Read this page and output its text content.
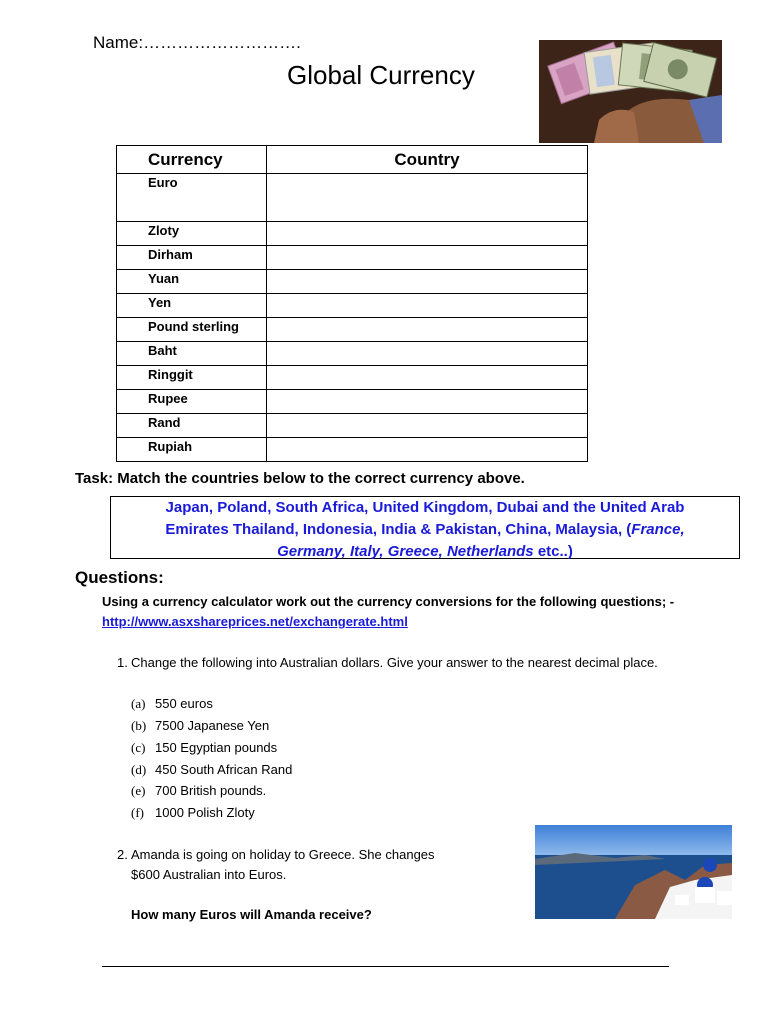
Name:……………………….
Global Currency
Currency	Country
Euro	
Zloty	
Dirham	
Yuan	
Yen	
Pound sterling	
Baht	
Ringgit	
Rupee	
Rand	
Rupiah	
Task: Match the countries below to the correct currency above.
Japan, Poland, South Africa, United Kingdom, Dubai and the United Arab
Emirates Thailand, Indonesia, India & Pakistan, China, Malaysia, (France,
Germany, Italy, Greece, Netherlands etc..)
Questions:
Using a currency calculator work out the currency conversions for the following questions; -
http://www.asxshareprices.net/exchangerate.html
1. Change the following into Australian dollars. Give your answer to the nearest decimal place.
(a) 550 euros
(b) 7500 Japanese Yen
(c) 150 Egyptian pounds
(d) 450 South African Rand
(e) 700 British pounds.
(f) 1000 Polish Zloty
2. Amanda is going on holiday to Greece. She changes
$600 Australian into Euros.
How many Euros will Amanda receive?
